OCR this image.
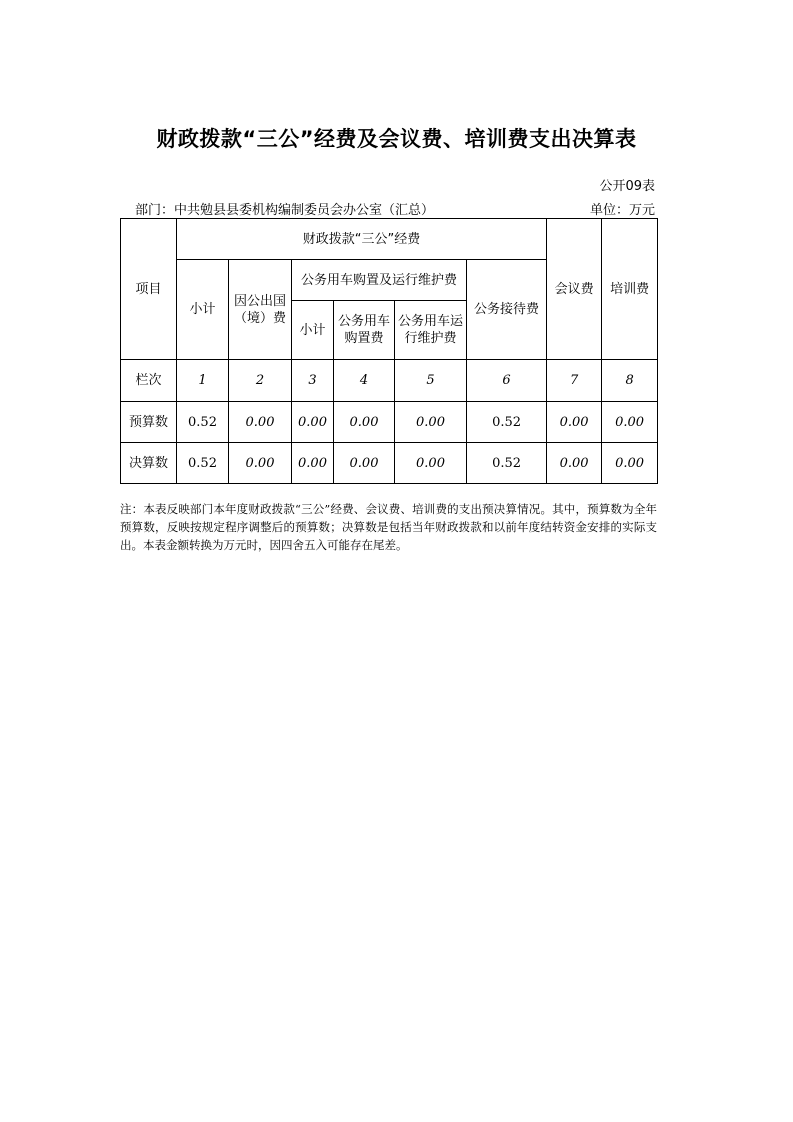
财政拨款“三公”经费及会议费、培训费支出决算表
公开09表
部门：中共勉县县委机构编制委员会办公室（汇总）	单位：万元
项目	财政拨款“三公”经费						会议费	培训费
	小计	因公出国（境）费	公务用车购置及运行维护费			公务接待费		
			小计	公务用车购置费	公务用车运行维护费			
栏次	1	2	3	4	5	6	7	8
预算数	0.52	0.00	0.00	0.00	0.00	0.52	0.00	0.00
决算数	0.52	0.00	0.00	0.00	0.00	0.52	0.00	0.00
注：本表反映部门本年度财政拨款“三公”经费、会议费、培训费的支出预决算情况。其中，预算数为全年预算数，反映按规定程序调整后的预算数；决算数是包括当年财政拨款和以前年度结转资金安排的实际支出。本表金额转换为万元时，因四舍五入可能存在尾差。
